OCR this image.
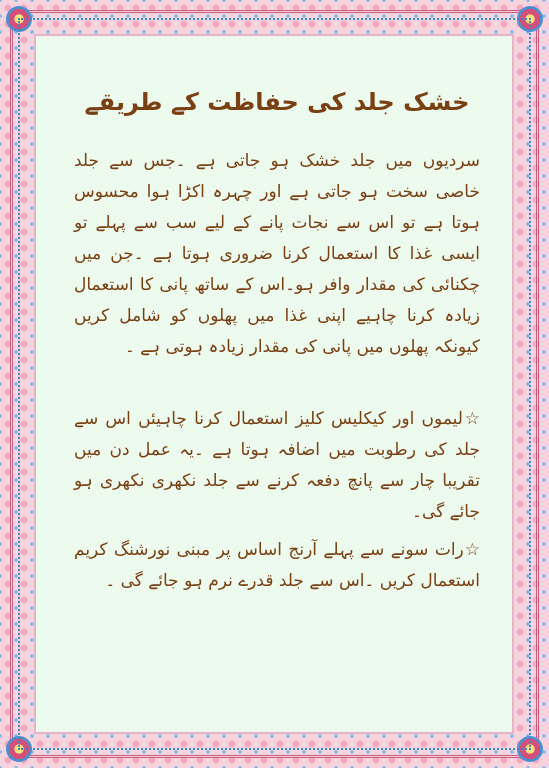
خشک جلد کی حفاظت کے طریقے

سردیوں میں جلد خشک ہو جاتی ہے ۔جس سے جلد خاصی سخت ہو جاتی ہے اور چہرہ اکڑا ہوا محسوس ہوتا ہے تو اس سے نجات پانے کے لیے سب سے پہلے تو ایسی غذا کا استعمال کرنا ضروری ہوتا ہے ۔جن میں چکنائی کی مقدار وافر ہو۔اس کے ساتھ پانی کا استعمال زیادہ کرنا چاہیے اپنی غذا میں پھلوں کو شامل کریں کیونکہ پھلوں میں پانی کی مقدار زیادہ ہوتی ہے ۔

☆لیموں اور کیکلیس کلیز استعمال کرنا چاہیئں اس سے جلد کی رطوبت میں اضافہ ہوتا ہے ۔یہ عمل دن میں تقریبا چار سے پانچ دفعہ کرنے سے جلد نکھری نکھری ہو جائے گی۔

☆رات سونے سے پہلے آرنج اساس پر مبنی نورشنگ کریم استعمال کریں ۔اس سے جلد قدرے نرم ہو جائے گی ۔
